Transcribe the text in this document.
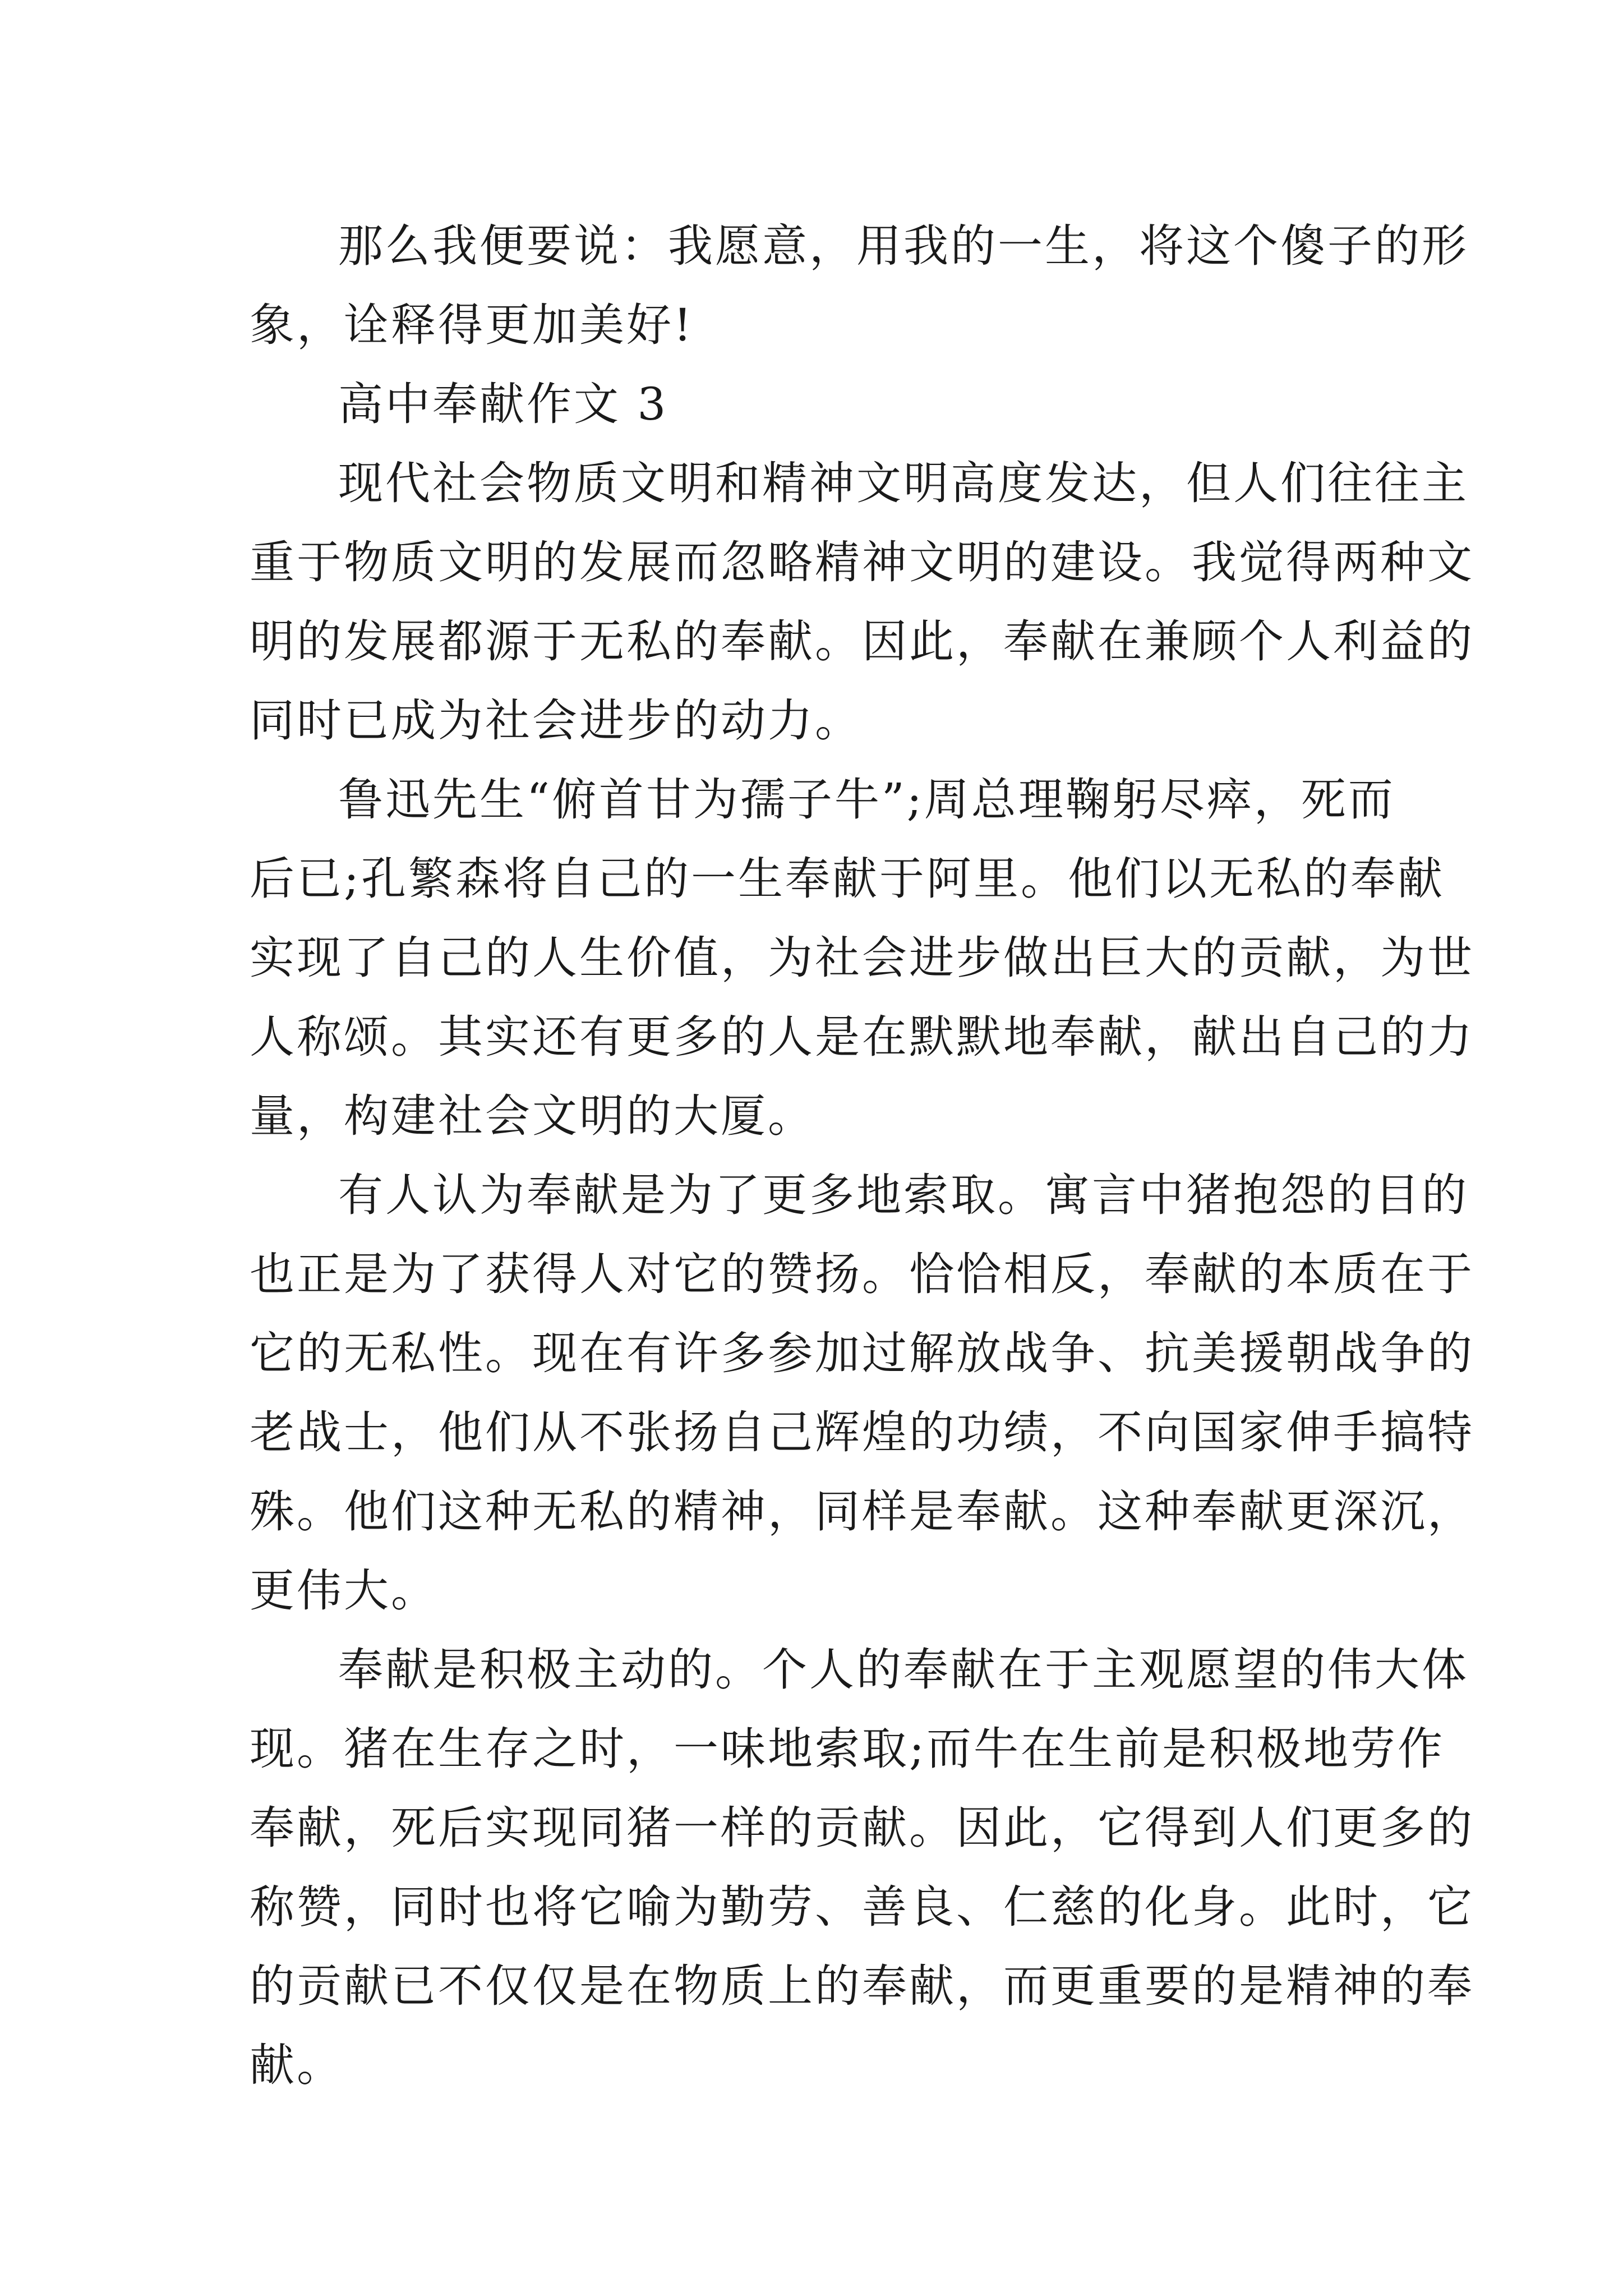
那么我便要说：我愿意，用我的一生，将这个傻子的形
象，诠释得更加美好!
高中奉献作文 3
现代社会物质文明和精神文明高度发达，但人们往往主
重于物质文明的发展而忽略精神文明的建设。我觉得两种文
明的发展都源于无私的奉献。因此，奉献在兼顾个人利益的
同时已成为社会进步的动力。
鲁迅先生“俯首甘为孺子牛”;周总理鞠躬尽瘁，死而
后已;孔繁森将自己的一生奉献于阿里。他们以无私的奉献
实现了自己的人生价值，为社会进步做出巨大的贡献，为世
人称颂。其实还有更多的人是在默默地奉献，献出自己的力
量，构建社会文明的大厦。
有人认为奉献是为了更多地索取。寓言中猪抱怨的目的
也正是为了获得人对它的赞扬。恰恰相反，奉献的本质在于
它的无私性。现在有许多参加过解放战争、抗美援朝战争的
老战士，他们从不张扬自己辉煌的功绩，不向国家伸手搞特
殊。他们这种无私的精神，同样是奉献。这种奉献更深沉，
更伟大。
奉献是积极主动的。个人的奉献在于主观愿望的伟大体
现。猪在生存之时，一味地索取;而牛在生前是积极地劳作
奉献，死后实现同猪一样的贡献。因此，它得到人们更多的
称赞，同时也将它喻为勤劳、善良、仁慈的化身。此时，它
的贡献已不仅仅是在物质上的奉献，而更重要的是精神的奉
献。
